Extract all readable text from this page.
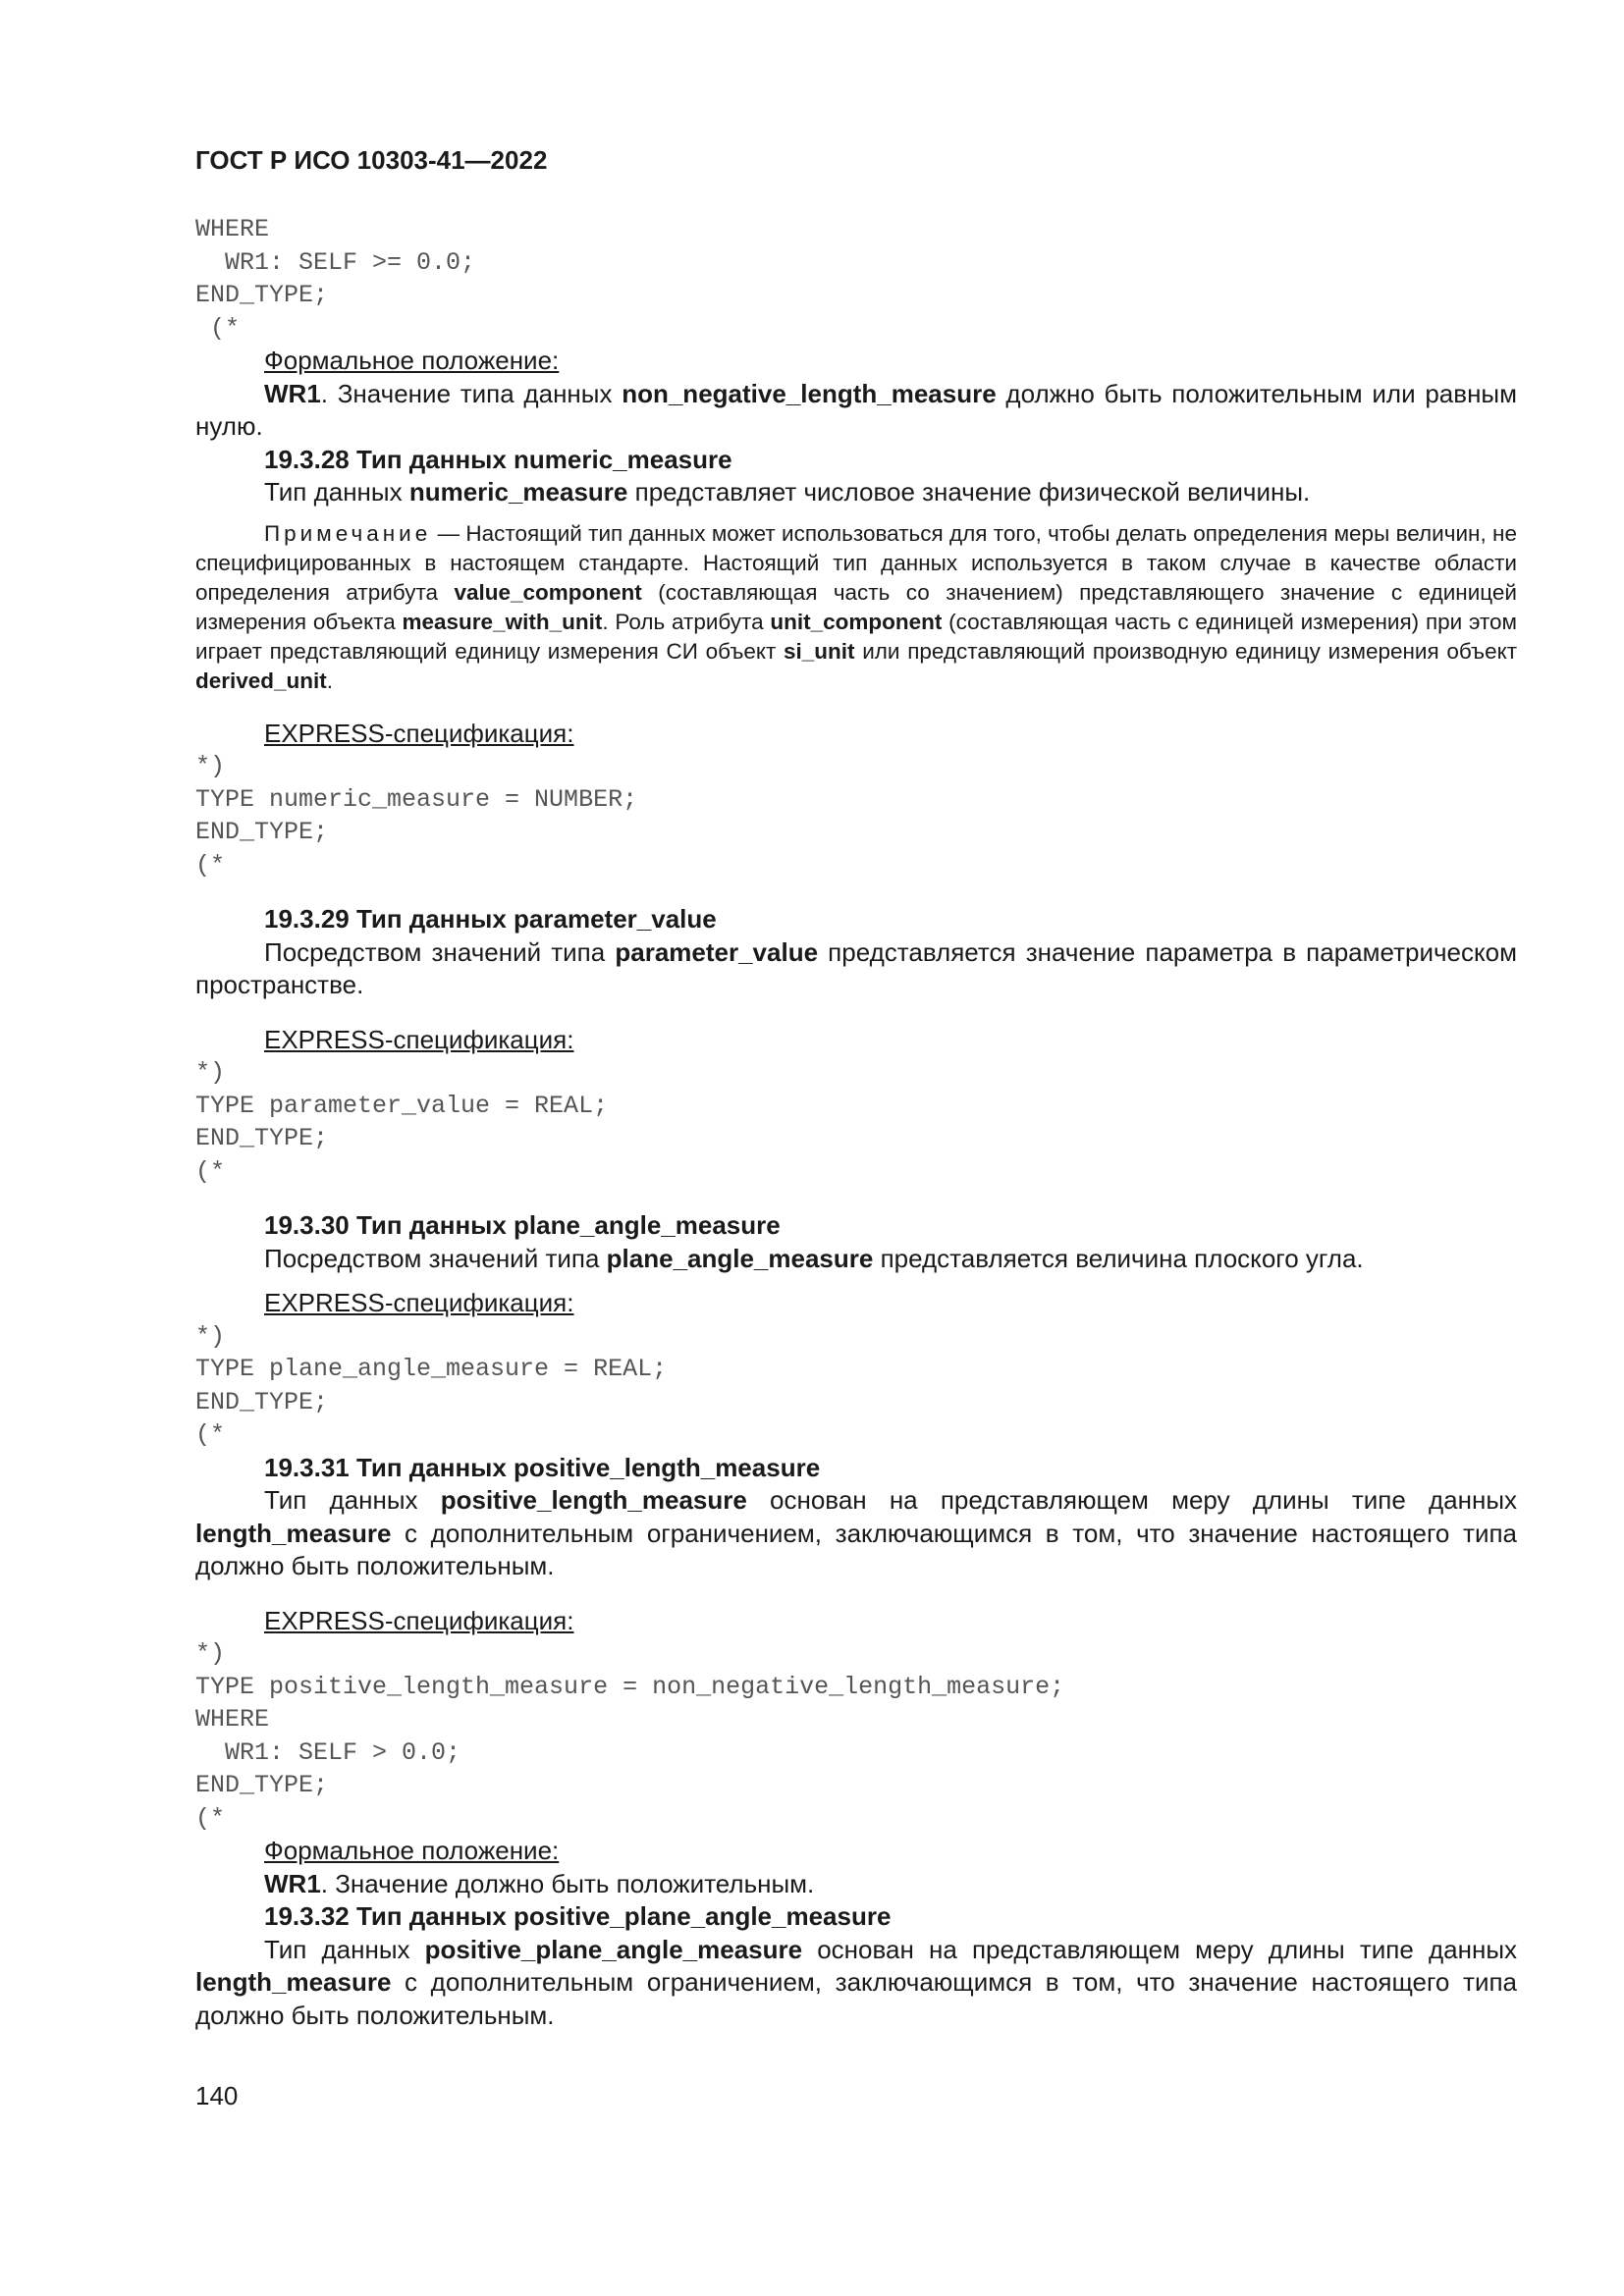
ГОСТ Р ИСО 10303-41—2022
WHERE
WR1: SELF >= 0.0;
END_TYPE;
(*

Формальное положение:

WR1. Значение типа данных non_negative_length_measure должно быть положительным или равным нулю.

19.3.28 Тип данных numeric_measure

Тип данных numeric_measure представляет числовое значение физической величины.

Примечание — Настоящий тип данных может использоваться для того, чтобы делать определения меры величин, не специфицированных в настоящем стандарте. Настоящий тип данных используется в таком случае в качестве области определения атрибута value_component (составляющая часть со значением) представляющего значение с единицей измерения объекта measure_with_unit. Роль атрибута unit_component (составляющая часть с единицей измерения) при этом играет представляющий единицу измерения СИ объект si_unit или представляющий производную единицу измерения объект derived_unit.

EXPRESS-спецификация:

*)
TYPE numeric_measure = NUMBER;
END_TYPE;
(*

19.3.29 Тип данных parameter_value

Посредством значений типа parameter_value представляется значение параметра в параметрическом пространстве.

EXPRESS-спецификация:

*)
TYPE parameter_value = REAL;
END_TYPE;
(*

19.3.30 Тип данных plane_angle_measure

Посредством значений типа plane_angle_measure представляется величина плоского угла.

EXPRESS-спецификация:

*)
TYPE plane_angle_measure = REAL;
END_TYPE;
(*

19.3.31 Тип данных positive_length_measure

Тип данных positive_length_measure основан на представляющем меру длины типе данных length_measure с дополнительным ограничением, заключающимся в том, что значение настоящего типа должно быть положительным.

EXPRESS-спецификация:

*)
TYPE positive_length_measure = non_negative_length_measure;
WHERE
WR1: SELF > 0.0;
END_TYPE;
(*

Формальное положение:

WR1. Значение должно быть положительным.

19.3.32 Тип данных positive_plane_angle_measure

Тип данных positive_plane_angle_measure основан на представляющем меру длины типе данных length_measure с дополнительным ограничением, заключающимся в том, что значение настоящего типа должно быть положительным.

140
